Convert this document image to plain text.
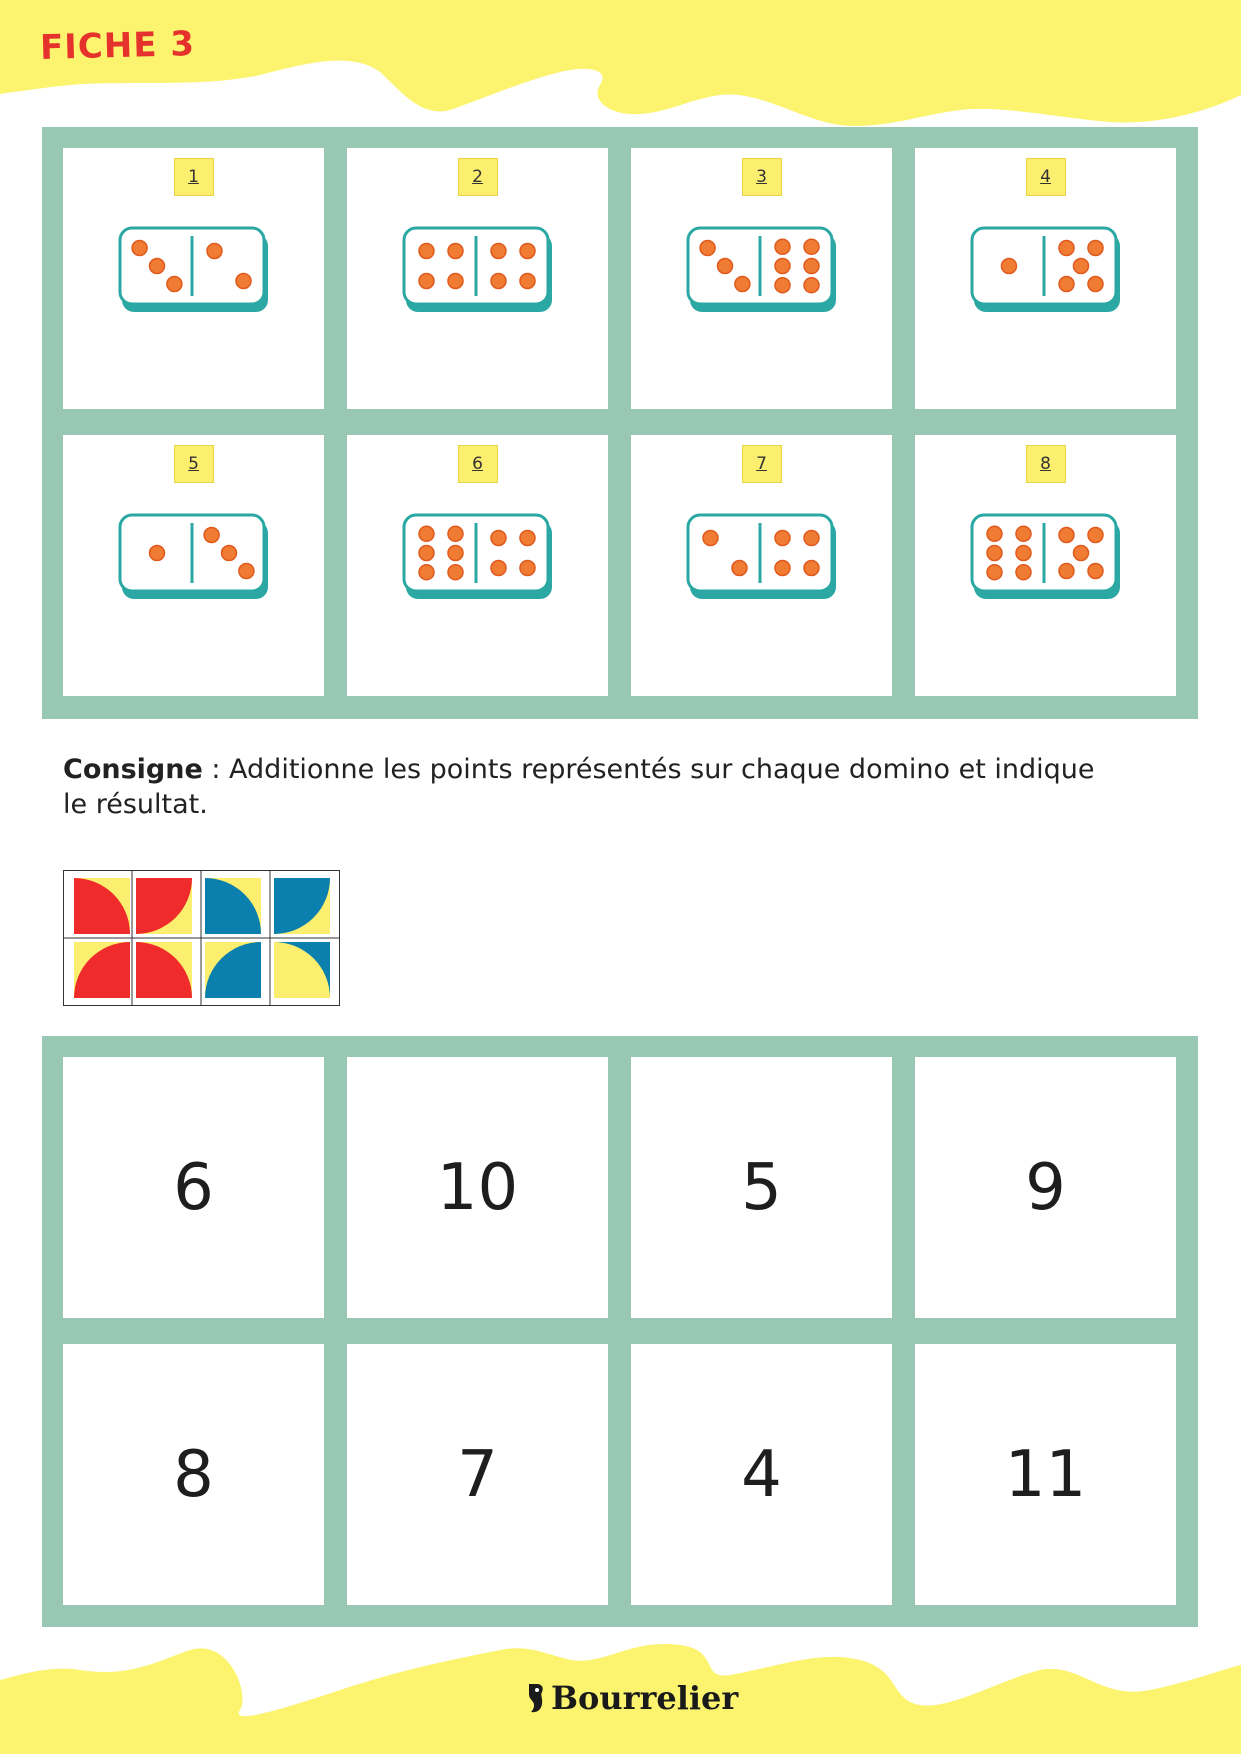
FICHE 3
1	2	3	4
5	6	7	8
Consigne : Additionne les points représentés sur chaque domino et indique le résultat.
6	10	5	9
8	7	4	11
Bourrelier
